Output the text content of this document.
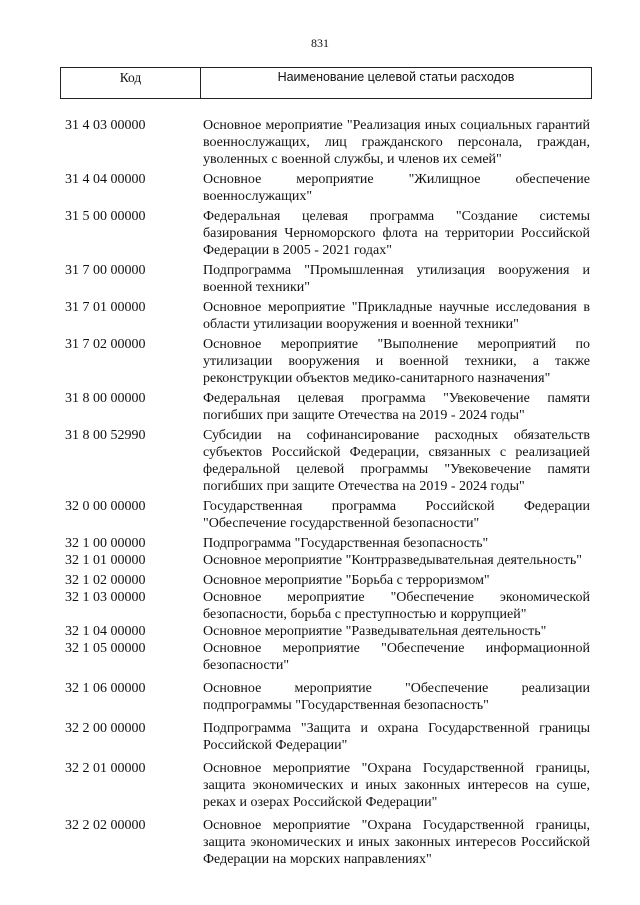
831
Код	Наименование целевой статьи расходов
31 4 03 00000	Основное мероприятие "Реализация иных социальных гарантий военнослужащих, лиц гражданского персонала, граждан, уволенных с военной службы, и членов их семей"
31 4 04 00000	Основное мероприятие "Жилищное обеспечение военнослужащих"
31 5 00 00000	Федеральная целевая программа "Создание системы базирования Черноморского флота на территории Российской Федерации в 2005 - 2021 годах"
31 7 00 00000	Подпрограмма "Промышленная утилизация вооружения и военной техники"
31 7 01 00000	Основное мероприятие "Прикладные научные исследования в области утилизации вооружения и военной техники"
31 7 02 00000	Основное мероприятие "Выполнение мероприятий по утилизации вооружения и военной техники, а также реконструкции объектов медико-санитарного назначения"
31 8 00 00000	Федеральная целевая программа "Увековечение памяти погибших при защите Отечества на 2019 - 2024 годы"
31 8 00 52990	Субсидии на софинансирование расходных обязательств субъектов Российской Федерации, связанных с реализацией федеральной целевой программы "Увековечение памяти погибших при защите Отечества на 2019 - 2024 годы"
32 0 00 00000	Государственная программа Российской Федерации "Обеспечение государственной безопасности"
32 1 00 00000	Подпрограмма "Государственная безопасность"
32 1 01 00000	Основное мероприятие "Контрразведывательная деятельность"
32 1 02 00000	Основное мероприятие "Борьба с терроризмом"
32 1 03 00000	Основное мероприятие "Обеспечение экономической безопасности, борьба с преступностью и коррупцией"
32 1 04 00000	Основное мероприятие "Разведывательная деятельность"
32 1 05 00000	Основное мероприятие "Обеспечение информационной безопасности"
32 1 06 00000	Основное мероприятие "Обеспечение реализации подпрограммы "Государственная безопасность"
32 2 00 00000	Подпрограмма "Защита и охрана Государственной границы Российской Федерации"
32 2 01 00000	Основное мероприятие "Охрана Государственной границы, защита экономических и иных законных интересов на суше, реках и озерах Российской Федерации"
32 2 02 00000	Основное мероприятие "Охрана Государственной границы, защита экономических и иных законных интересов Российской Федерации на морских направлениях"
